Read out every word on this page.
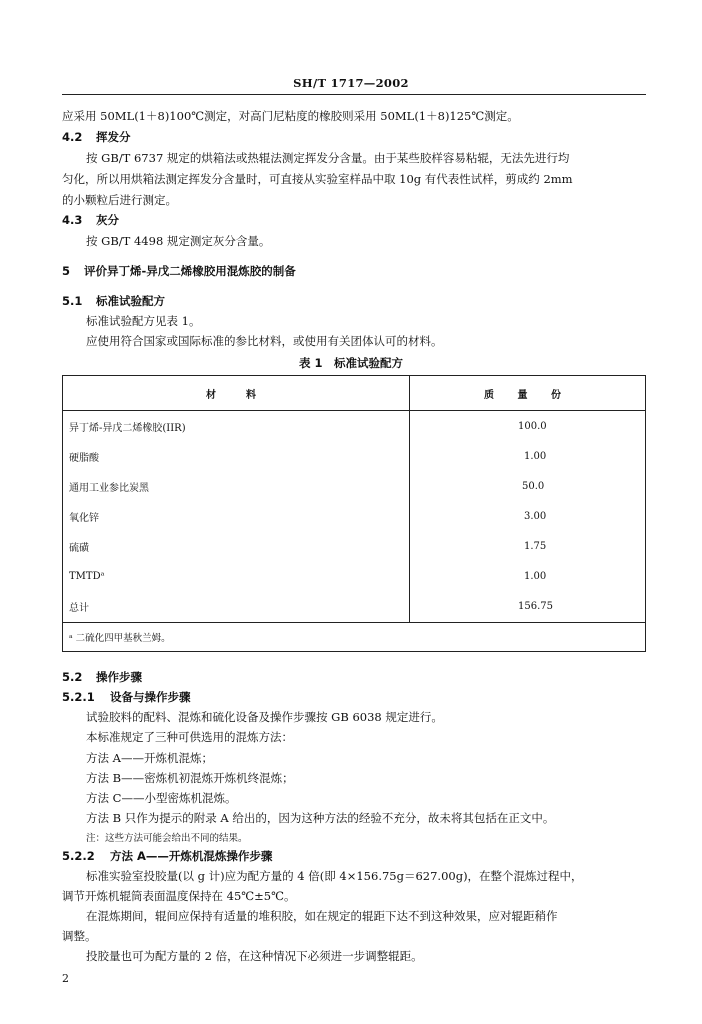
SH/T 1717—2002
应采用 50ML(1＋8)100℃测定，对高门尼粘度的橡胶则采用 50ML(1＋8)125℃测定。
4.2 挥发分
按 GB/T 6737 规定的烘箱法或热辊法测定挥发分含量。由于某些胶样容易粘辊，无法先进行均
匀化，所以用烘箱法测定挥发分含量时，可直接从实验室样品中取 10g 有代表性试样，剪成约 2mm
的小颗粒后进行测定。
4.3 灰分
按 GB/T 4498 规定测定灰分含量。
5 评价异丁烯-异戊二烯橡胶用混炼胶的制备
5.1 标准试验配方
标准试验配方见表 1。
应使用符合国家或国际标准的参比材料，或使用有关团体认可的材料。
表 1　标准试验配方
材　料	质 量 份
异丁烯-异戊二烯橡胶(IIR)	100.0
硬脂酸	1.00
通用工业参比炭黑	50.0
氧化锌	3.00
硫磺	1.75
TMTDᵃ	1.00
总计	156.75
ᵃ 二硫化四甲基秋兰姆。	
5.2 操作步骤
5.2.1 设备与操作步骤
试验胶料的配料、混炼和硫化设备及操作步骤按 GB 6038 规定进行。
本标准规定了三种可供选用的混炼方法：
方法 A——开炼机混炼；
方法 B——密炼机初混炼开炼机终混炼；
方法 C——小型密炼机混炼。
方法 B 只作为提示的附录 A 给出的，因为这种方法的经验不充分，故未将其包括在正文中。
注：这些方法可能会给出不同的结果。
5.2.2 方法 A——开炼机混炼操作步骤
标准实验室投胶量(以 g 计)应为配方量的 4 倍(即 4×156.75g＝627.00g)，在整个混炼过程中，
调节开炼机辊筒表面温度保持在 45℃±5℃。
在混炼期间，辊间应保持有适量的堆积胶，如在规定的辊距下达不到这种效果，应对辊距稍作
调整。
投胶量也可为配方量的 2 倍，在这种情况下必须进一步调整辊距。
2
